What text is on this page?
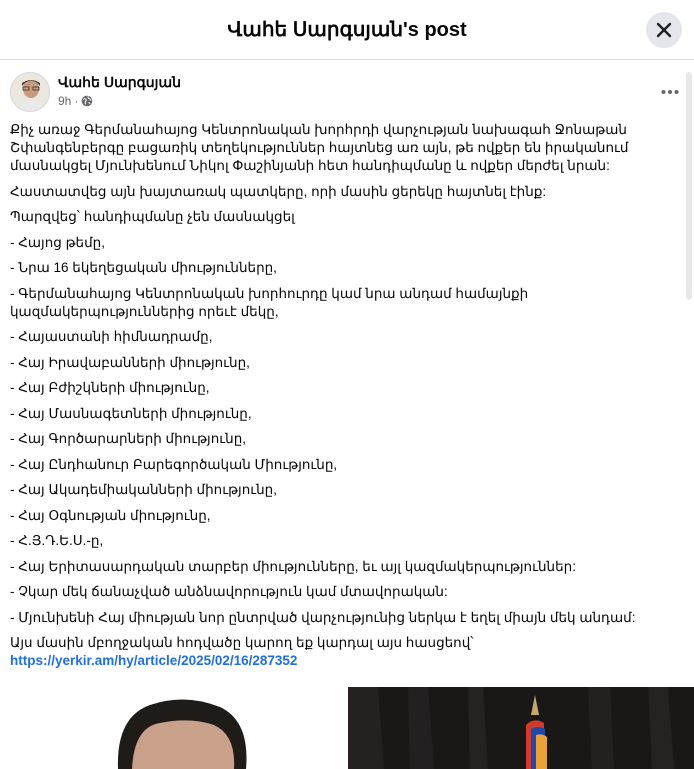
Վահե Սարգսյան's post
Վահե Սարգսյան
9h ·

Քիչ առաջ Գերմանահայոց Կենտրոնական խորհրդի վարչության նախագահ Ջոնաթան Շփանգենբերգը բացառիկ տեղեկություններ հայտնեց առ այն, թե ովքեր են իրականում մասնակցել Մյունխենում Նիկոլ Փաշինյանի հետ հանդիպմանը և ովքեր մերժել նրան:

Հաստատվեց այն խայտառակ պատկերը, որի մասին ցերեկը հայտնել էինք:

Պարզվեց՝ հանդիպմանը չեն մասնակցել

- Հայոց թեմը,

- Նրա 16 եկեղեցական միությունները,

- Գերմանահայոց Կենտրոնական խորհուրդը կամ նրա անդամ համայնքի կազմակերպություններից որեւէ մեկը,

- Հայաստանի հիմնադրամը,

- Հայ Իրավաբանների միությունը,

- Հայ Բժիշկների միությունը,

- Հայ Մասնագետների միությունը,

- Հայ Գործարարների միությունը,

- Հայ Ընդհանուր Բարեգործական Միությունը,

- Հայ Ակադեմիականների միությունը,

- Հայ Օգնության միությունը,

- Հ.Յ.Դ.Ե.Ս.-ը,

- Հայ Երիտասարդական տարբեր միությունները, եւ այլ կազմակերպություններ:

- Չկար մեկ ճանաչված անձնավորություն կամ մտավորական:

- Մյունխենի Հայ միության նոր ընտրված վարչությունից ներկա է եղել միայն մեկ անդամ:

Այս մասին մբողջական հոդվածը կարող եք կարդալ այս հասցեով՝

https://yerkir.am/hy/article/2025/02/16/287352
